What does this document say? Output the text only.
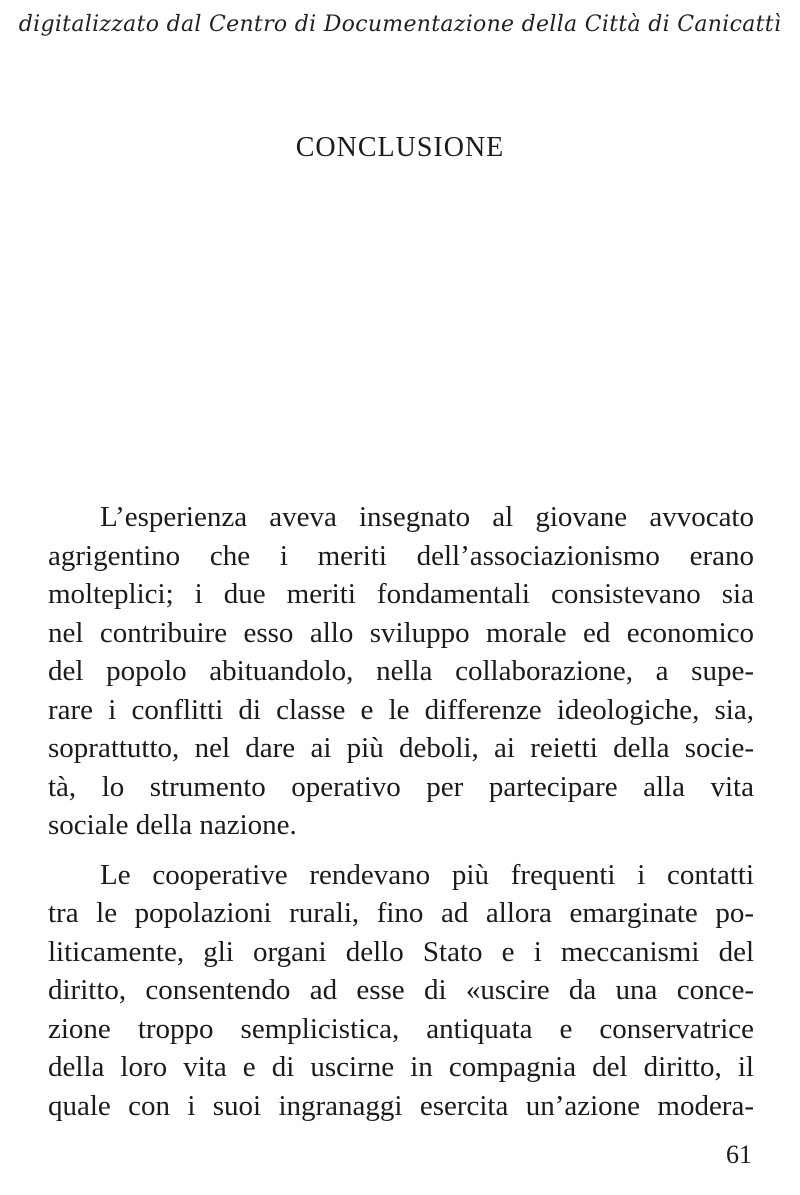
digitalizzato dal Centro di Documentazione della Città di Canicattì
CONCLUSIONE
L’esperienza aveva insegnato al giovane avvocato
agrigentino che i meriti dell’associazionismo erano
molteplici; i due meriti fondamentali consistevano sia
nel contribuire esso allo sviluppo morale ed economico
del popolo abituandolo, nella collaborazione, a supe-
rare i conflitti di classe e le differenze ideologiche, sia,
soprattutto, nel dare ai più deboli, ai reietti della socie-
tà, lo strumento operativo per partecipare alla vita
sociale della nazione.
Le cooperative rendevano più frequenti i contatti
tra le popolazioni rurali, fino ad allora emarginate po-
liticamente, gli organi dello Stato e i meccanismi del
diritto, consentendo ad esse di «uscire da una conce-
zione troppo semplicistica, antiquata e conservatrice
della loro vita e di uscirne in compagnia del diritto, il
quale con i suoi ingranaggi esercita un’azione modera-
61
